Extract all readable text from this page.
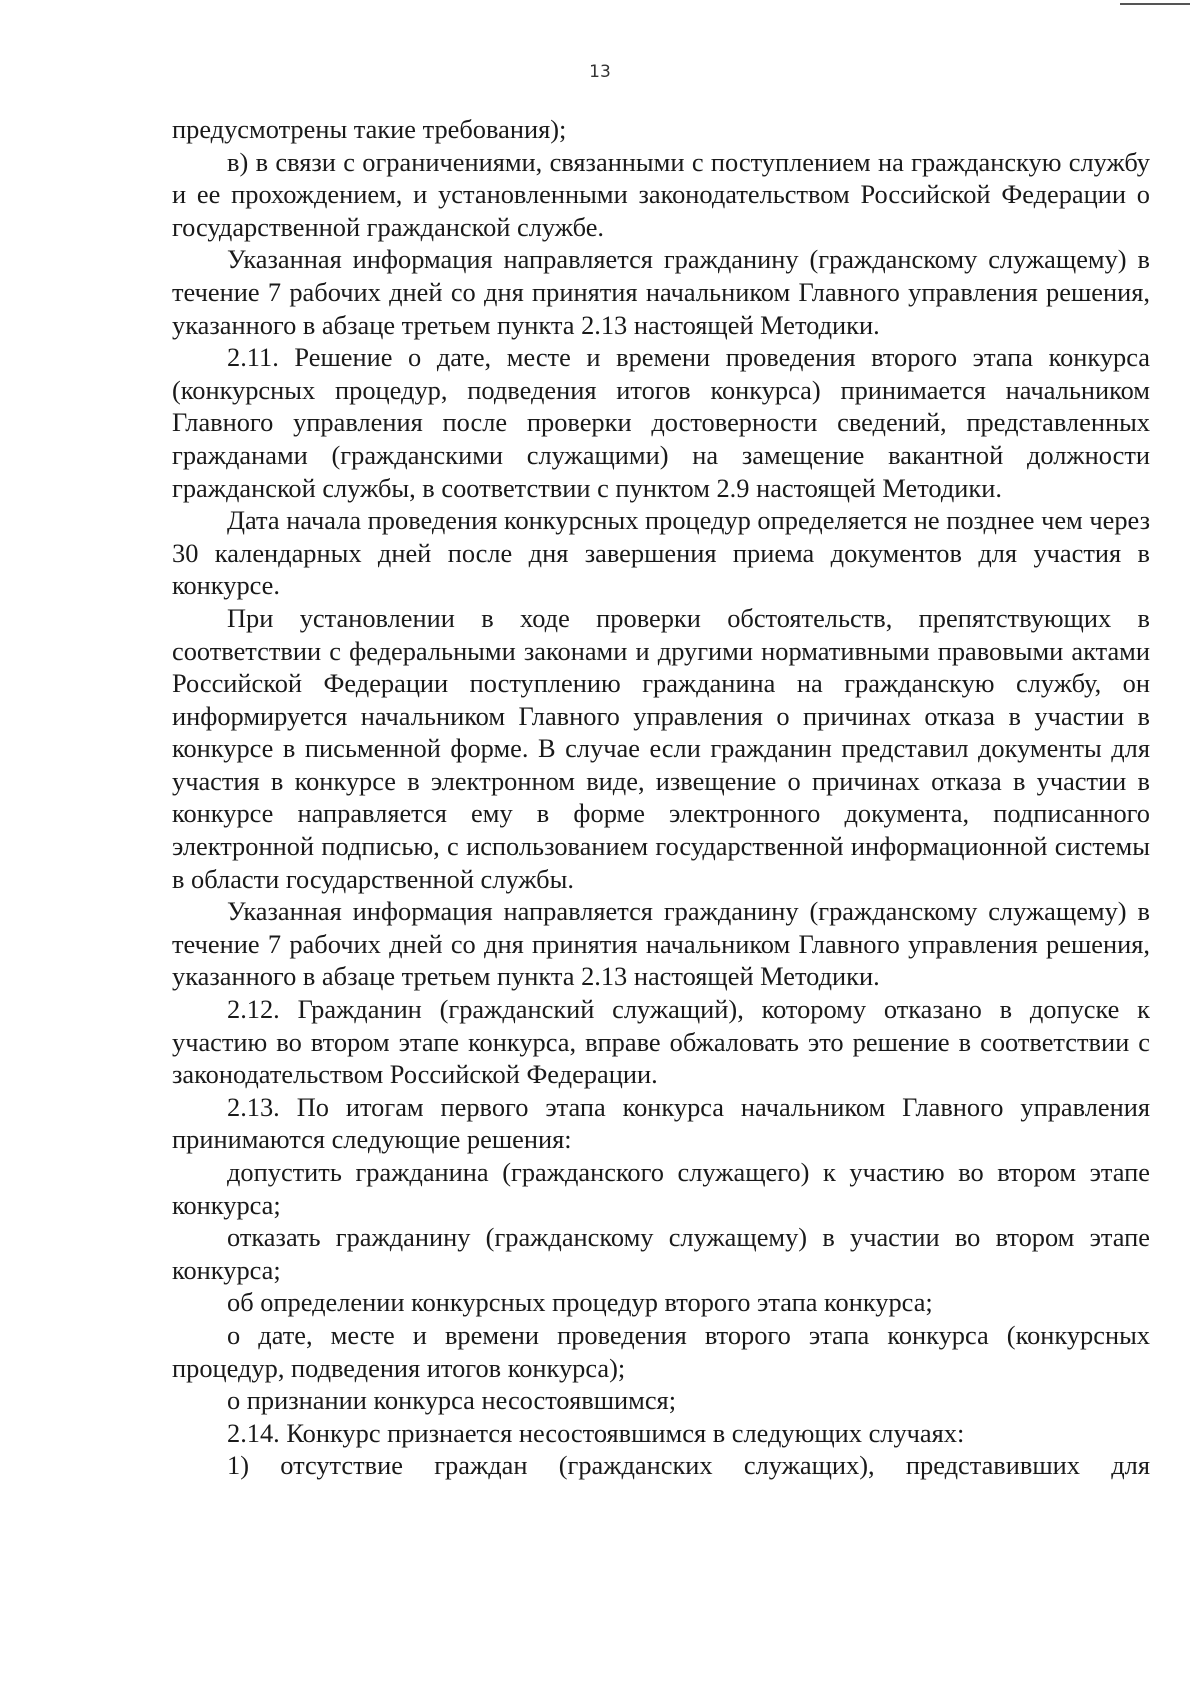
13

предусмотрены такие требования);

в) в связи с ограничениями, связанными с поступлением на гражданскую службу и ее прохождением, и установленными законодательством Российской Федерации о государственной гражданской службе.

Указанная информация направляется гражданину (гражданскому служащему) в течение 7 рабочих дней со дня принятия начальником Главного управления решения, указанного в абзаце третьем пункта 2.13 настоящей Методики.

2.11. Решение о дате, месте и времени проведения второго этапа конкурса (конкурсных процедур, подведения итогов конкурса) принимается начальником Главного управления после проверки достоверности сведений, представленных гражданами (гражданскими служащими) на замещение вакантной должности гражданской службы, в соответствии с пунктом 2.9 настоящей Методики.

Дата начала проведения конкурсных процедур определяется не позднее чем через 30 календарных дней после дня завершения приема документов для участия в конкурсе.

При установлении в ходе проверки обстоятельств, препятствующих в соответствии с федеральными законами и другими нормативными правовыми актами Российской Федерации поступлению гражданина на гражданскую службу, он информируется начальником Главного управления о причинах отказа в участии в конкурсе в письменной форме. В случае если гражданин представил документы для участия в конкурсе в электронном виде, извещение о причинах отказа в участии в конкурсе направляется ему в форме электронного документа, подписанного электронной подписью, с использованием государственной информационной системы в области государственной службы.

Указанная информация направляется гражданину (гражданскому служащему) в течение 7 рабочих дней со дня принятия начальником Главного управления решения, указанного в абзаце третьем пункта 2.13 настоящей Методики.

2.12. Гражданин (гражданский служащий), которому отказано в допуске к участию во втором этапе конкурса, вправе обжаловать это решение в соответствии с законодательством Российской Федерации.

2.13. По итогам первого этапа конкурса начальником Главного управления принимаются следующие решения:

допустить гражданина (гражданского служащего) к участию во втором этапе конкурса;

отказать гражданину (гражданскому служащему) в участии во втором этапе конкурса;

об определении конкурсных процедур второго этапа конкурса;

о дате, месте и времени проведения второго этапа конкурса (конкурсных процедур, подведения итогов конкурса);

о признании конкурса несостоявшимся;

2.14. Конкурс признается несостоявшимся в следующих случаях:

1) отсутствие граждан (гражданских служащих), представивших для
